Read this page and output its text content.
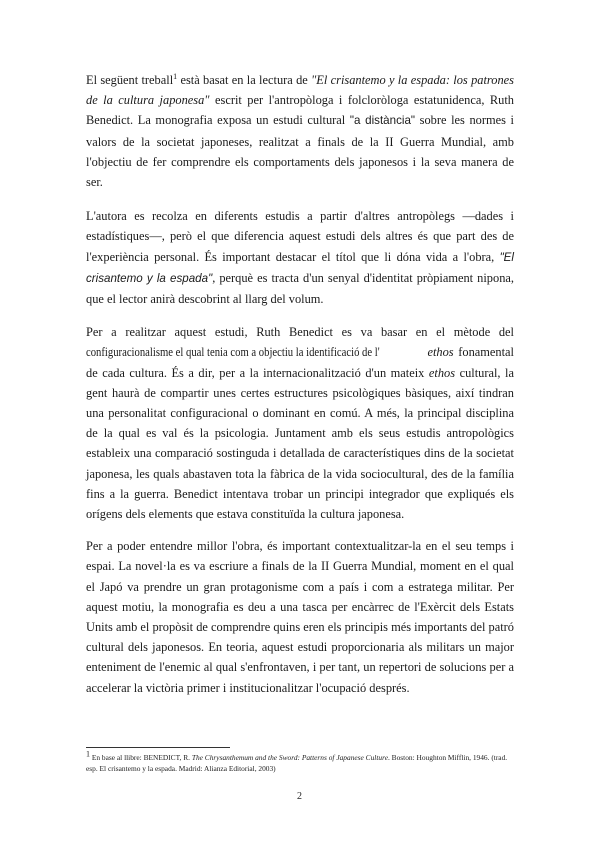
El següent treball$^1$ està basat en la lectura de "El crisantemo y la espada: los patrones de la cultura japonesa" escrit per l'antropòloga i folcloròloga estatunidenca, Ruth Benedict. La monografia exposa un estudi cultural "a distància" sobre les normes i valors de la societat japoneses, realitzat a finals de la II Guerra Mundial, amb l'objectiu de fer comprendre els comportaments dels japonesos i la seva manera de ser.

L'autora es recolza en diferents estudis a partir d'altres antropòlegs —dades i estadístiques—, però el que diferencia aquest estudi dels altres és que part des de l'experiència personal. És important destacar el títol que li dóna vida a l'obra, "El crisantemo y la espada", perquè es tracta d'un senyal d'identitat pròpiament nipona, que el lector anirà descobrint al llarg del volum.

Per a realitzar aquest estudi, Ruth Benedict es va basar en el mètode del configuracionalisme el qual tenia com a objectiu la identificació de l'	ethos fonamental de cada cultura. És a dir, per a la internacionalització d'un mateix ethos cultural, la gent haurà de compartir unes certes estructures psicològiques bàsiques, així tindran una personalitat configuracional o dominant en comú. A més, la principal disciplina de la qual es val és la psicologia. Juntament amb els seus estudis antropològics estableix una comparació sostinguda i detallada de característiques dins de la societat japonesa, les quals abastaven tota la fàbrica de la vida sociocultural, des de la família fins a la guerra. Benedict intentava trobar un principi integrador que expliqués els orígens dels elements que estava constituïda la cultura japonesa.

Per a poder entendre millor l'obra, és important contextualitzar-la en el seu temps i espai. La novel·la es va escriure a finals de la II Guerra Mundial, moment en el qual el Japó va prendre un gran protagonisme com a país i com a estratega militar. Per aquest motiu, la monografia es deu a una tasca per encàrrec de l'Exèrcit dels Estats Units amb el propòsit de comprendre quins eren els principis més importants del patró cultural dels japonesos. En teoria, aquest estudi proporcionaria als militars un major enteniment de l'enemic al qual s'enfrontaven, i per tant, un repertori de solucions per a accelerar la victòria primer i institucionalitzar l'ocupació després.

$^1$ En base al llibre: BENEDICT, R. The Chrysanthemum and the Sword: Patterns of Japanese Culture. Boston: Houghton Mifflin, 1946. (trad. esp. El crisantemo y la espada. Madrid: Alianza Editorial, 2003)
2
